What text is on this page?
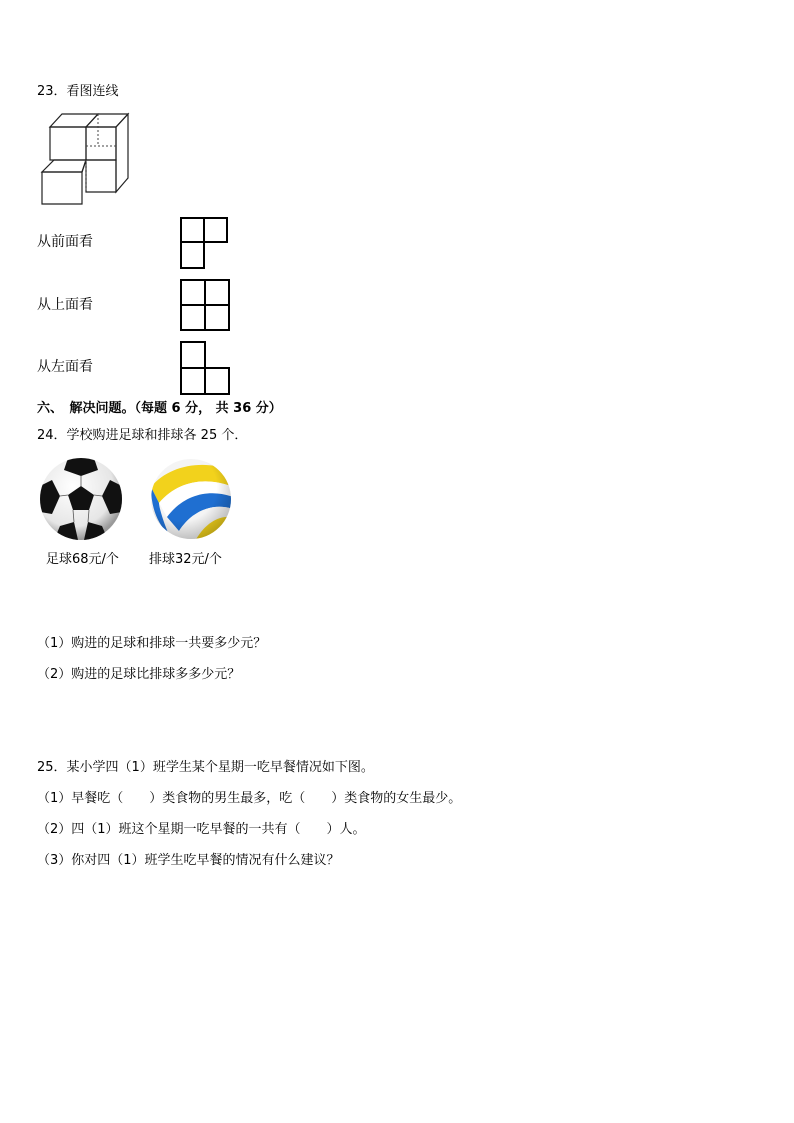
23．看图连线
从前面看
从上面看
从左面看
六、　解决问题。（每题 6 分， 共 36 分）
24．学校购进足球和排球各 25 个．
足球68元/个 排球32元/个
（1）购进的足球和排球一共要多少元？
（2）购进的足球比排球多多少元？
25．某小学四（1）班学生某个星期一吃早餐情况如下图。
（1）早餐吃（　　）类食物的男生最多，吃（　　）类食物的女生最少。
（2）四（1）班这个星期一吃早餐的一共有（　　）人。
（3）你对四（1）班学生吃早餐的情况有什么建议？
